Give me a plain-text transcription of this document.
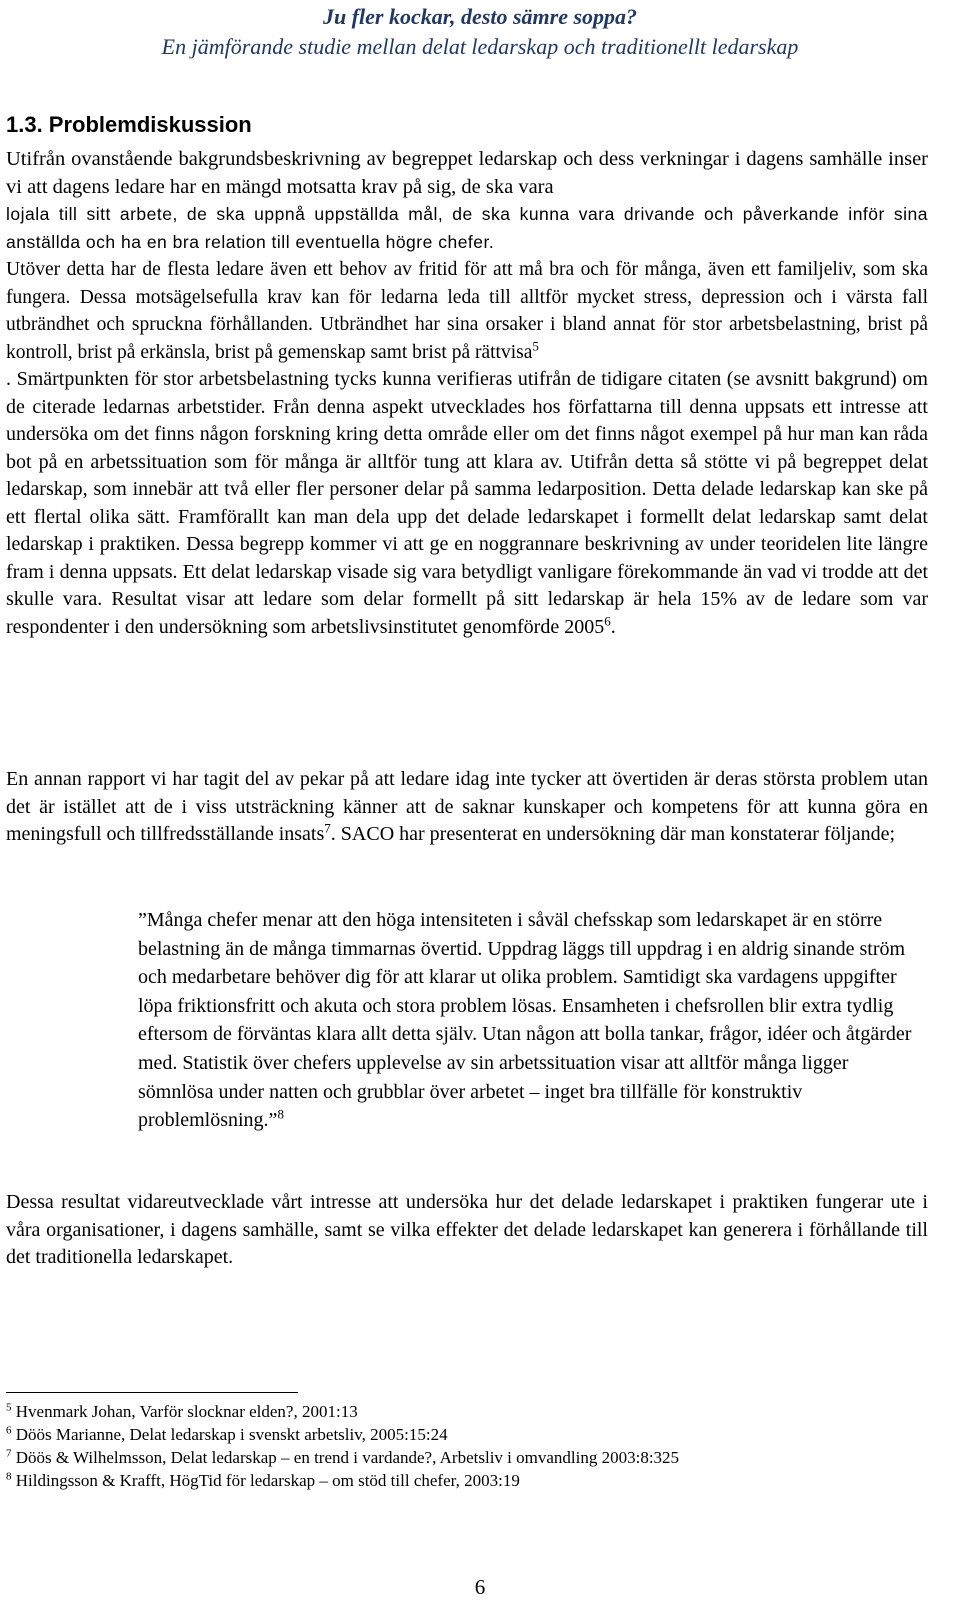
Ju fler kockar, desto sämre soppa?
En jämförande studie mellan delat ledarskap och traditionellt ledarskap
1.3. Problemdiskussion
Utifrån ovanstående bakgrundsbeskrivning av begreppet ledarskap och dess verkningar i dagens samhälle inser vi att dagens ledare har en mängd motsatta krav på sig, de ska vara
lojala till sitt arbete, de ska uppnå uppställda mål, de ska kunna vara drivande och påverkande inför sina anställda och ha en bra relation till eventuella högre chefer.
Utöver detta har de flesta ledare även ett behov av fritid för att må bra och för många, även ett familjeliv, som ska fungera. Dessa motsägelsefulla krav kan för ledarna leda till alltför mycket stress, depression och i värsta fall utbrändhet och spruckna förhållanden. Utbrändhet har sina orsaker i bland annat för stor arbetsbelastning, brist på kontroll, brist på erkänsla, brist på gemenskap samt brist på rättvisa$^5$
. Smärtpunkten för stor arbetsbelastning tycks kunna verifieras utifrån de tidigare citaten (se avsnitt bakgrund) om de citerade ledarnas arbetstider. Från denna aspekt utvecklades hos författarna till denna uppsats ett intresse att undersöka om det finns någon forskning kring detta område eller om det finns något exempel på hur man kan råda bot på en arbetssituation som för många är alltför tung att klara av. Utifrån detta så stötte vi på begreppet delat ledarskap, som innebär att två eller fler personer delar på samma ledarposition. Detta delade ledarskap kan ske på ett flertal olika sätt. Framförallt kan man dela upp det delade ledarskapet i formellt delat ledarskap samt delat ledarskap i praktiken. Dessa begrepp kommer vi att ge en noggrannare beskrivning av under teoridelen lite längre fram i denna uppsats. Ett delat ledarskap visade sig vara betydligt vanligare förekommande än vad vi trodde att det skulle vara. Resultat visar att ledare som delar formellt på sitt ledarskap är hela 15% av de ledare som var respondenter i den undersökning som arbetslivsinstitutet genomförde 2005$^6$.
En annan rapport vi har tagit del av pekar på att ledare idag inte tycker att övertiden är deras största problem utan det är istället att de i viss utsträckning känner att de saknar kunskaper och kompetens för att kunna göra en meningsfull och tillfredsställande insats$^7$. SACO har presenterat en undersökning där man konstaterar följande;
”Många chefer menar att den höga intensiteten i såväl chefsskap som ledarskapet är en större belastning än de många timmarnas övertid. Uppdrag läggs till uppdrag i en aldrig sinande ström och medarbetare behöver dig för att klarar ut olika problem. Samtidigt ska vardagens uppgifter löpa friktionsfritt och akuta och stora problem lösas. Ensamheten i chefsrollen blir extra tydlig eftersom de förväntas klara allt detta själv. Utan någon att bolla tankar, frågor, idéer och åtgärder med. Statistik över chefers upplevelse av sin arbetssituation visar att alltför många ligger sömnlösa under natten och grubblar över arbetet – inget bra tillfälle för konstruktiv problemlösning.”$^8$
Dessa resultat vidareutvecklade vårt intresse att undersöka hur det delade ledarskapet i praktiken fungerar ute i våra organisationer, i dagens samhälle, samt se vilka effekter det delade ledarskapet kan generera i förhållande till det traditionella ledarskapet.
$^5$ Hvenmark Johan, Varför slocknar elden?, 2001:13
$^6$ Döös Marianne, Delat ledarskap i svenskt arbetsliv, 2005:15:24
$^7$ Döös & Wilhelmsson, Delat ledarskap – en trend i vardande?, Arbetsliv i omvandling 2003:8:325
$^8$ Hildingsson & Krafft, HögTid för ledarskap – om stöd till chefer, 2003:19
6
